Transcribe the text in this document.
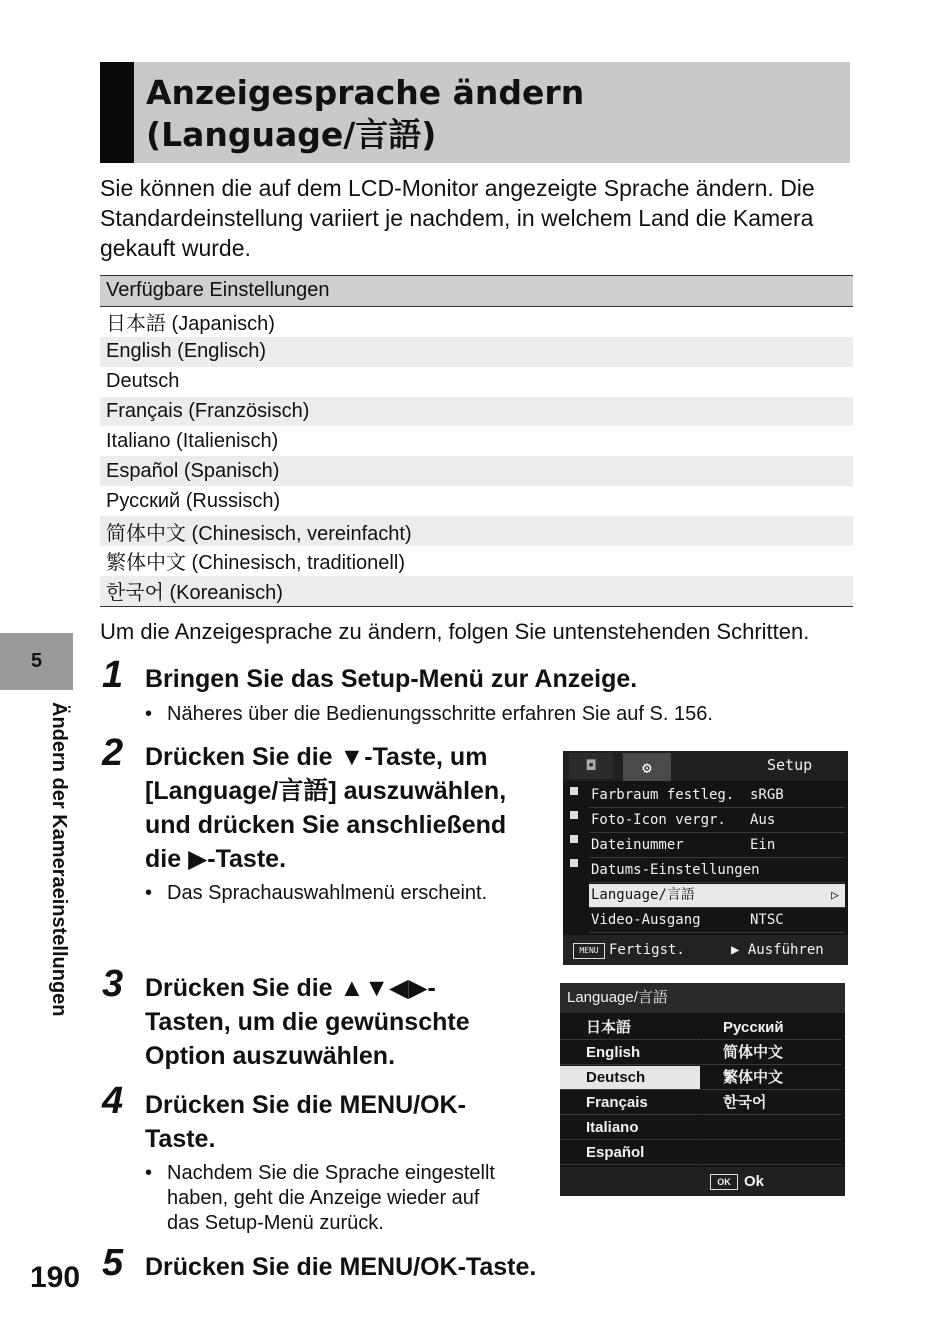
Anzeigesprache ändern
(Language/言語)

Sie können die auf dem LCD-Monitor angezeigte Sprache ändern. Die Standardeinstellung variiert je nachdem, in welchem Land die Kamera gekauft wurde.

Verfügbare Einstellungen
日本語 (Japanisch)
English (Englisch)
Deutsch
Français (Französisch)
Italiano (Italienisch)
Español (Spanisch)
Русский (Russisch)
简体中文 (Chinesisch, vereinfacht)
繁体中文 (Chinesisch, traditionell)
한국어 (Koreanisch)

Um die Anzeigesprache zu ändern, folgen Sie untenstehenden Schritten.

5
Ändern der Kameraeinstellungen
190
1 Bringen Sie das Setup-Menü zur Anzeige.

• Näheres über die Bedienungsschritte erfahren Sie auf S. 156.

2 Drücken Sie die ▼-Taste, um
[Language/言語] auszuwählen,
und drücken Sie anschließend
die ▶-Taste.

• Das Sprachauswahlmenü erscheint.

◘	⚙	Setup
Farbraum festleg. sRGB
Foto-Icon vergr. Aus
Dateinummer	Ein
Datums-Einstellungen
Language/言語	▷
Video-Ausgang	NTSC
MENU Fertigst.	▶ Ausführen
3 Drücken Sie die ▲▼◀▶-
Tasten, um die gewünschte
Option auszuwählen.
Language/言語
日本語
English
Deutsch
Français
Italiano
Español
Русский
简体中文
繁体中文
한국어
OK Ok
4 Drücken Sie die MENU/OK-
Taste.

• Nachdem Sie die Sprache eingestellt
haben, geht die Anzeige wieder auf
das Setup-Menü zurück.

5 Drücken Sie die MENU/OK-Taste.
